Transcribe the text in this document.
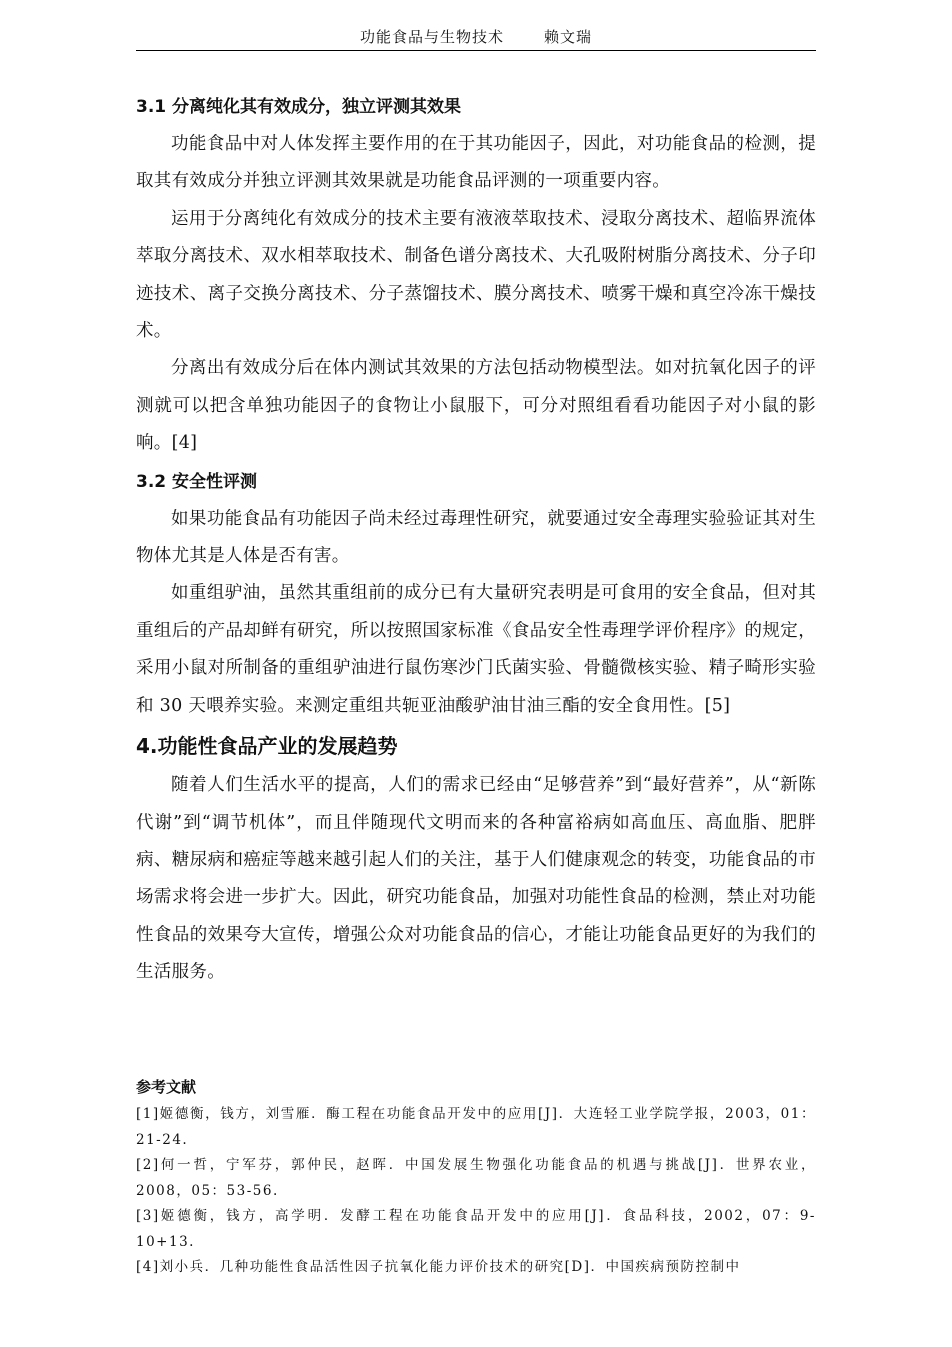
功能食品与生物技术	赖文瑞
3.1 分离纯化其有效成分，独立评测其效果

功能食品中对人体发挥主要作用的在于其功能因子，因此，对功能食品的检测，提取其有效成分并独立评测其效果就是功能食品评测的一项重要内容。

运用于分离纯化有效成分的技术主要有液液萃取技术、浸取分离技术、超临界流体萃取分离技术、双水相萃取技术、制备色谱分离技术、大孔吸附树脂分离技术、分子印迹技术、离子交换分离技术、分子蒸馏技术、膜分离技术、喷雾干燥和真空冷冻干燥技术。

分离出有效成分后在体内测试其效果的方法包括动物模型法。如对抗氧化因子的评测就可以把含单独功能因子的食物让小鼠服下，可分对照组看看功能因子对小鼠的影响。[4]

3.2 安全性评测

如果功能食品有功能因子尚未经过毒理性研究，就要通过安全毒理实验验证其对生物体尤其是人体是否有害。

如重组驴油，虽然其重组前的成分已有大量研究表明是可食用的安全食品，但对其重组后的产品却鲜有研究，所以按照国家标准《食品安全性毒理学评价程序》的规定，采用小鼠对所制备的重组驴油进行鼠伤寒沙门氏菌实验、骨髓微核实验、精子畸形实验和 30 天喂养实验。来测定重组共轭亚油酸驴油甘油三酯的安全食用性。[5]

4.功能性食品产业的发展趋势

随着人们生活水平的提高，人们的需求已经由“足够营养”到“最好营养”，从“新陈代谢”到“调节机体”，而且伴随现代文明而来的各种富裕病如高血压、高血脂、肥胖病、糖尿病和癌症等越来越引起人们的关注，基于人们健康观念的转变，功能食品的市场需求将会进一步扩大。因此，研究功能食品，加强对功能性食品的检测，禁止对功能性食品的效果夸大宣传，增强公众对功能食品的信心，才能让功能食品更好的为我们的生活服务。

参考文献

[1]姬德衡，钱方，刘雪雁．酶工程在功能食品开发中的应用[J]．大连轻工业学院学报，2003，01：21-24.

[2]何一哲，宁军芬，郭仲民，赵晖．中国发展生物强化功能食品的机遇与挑战[J]．世界农业，2008，05：53-56.

[3]姬德衡，钱方，高学明．发酵工程在功能食品开发中的应用[J]．食品科技，2002，07：9-10+13.

[4]刘小兵．几种功能性食品活性因子抗氧化能力评价技术的研究[D]．中国疾病预防控制中
